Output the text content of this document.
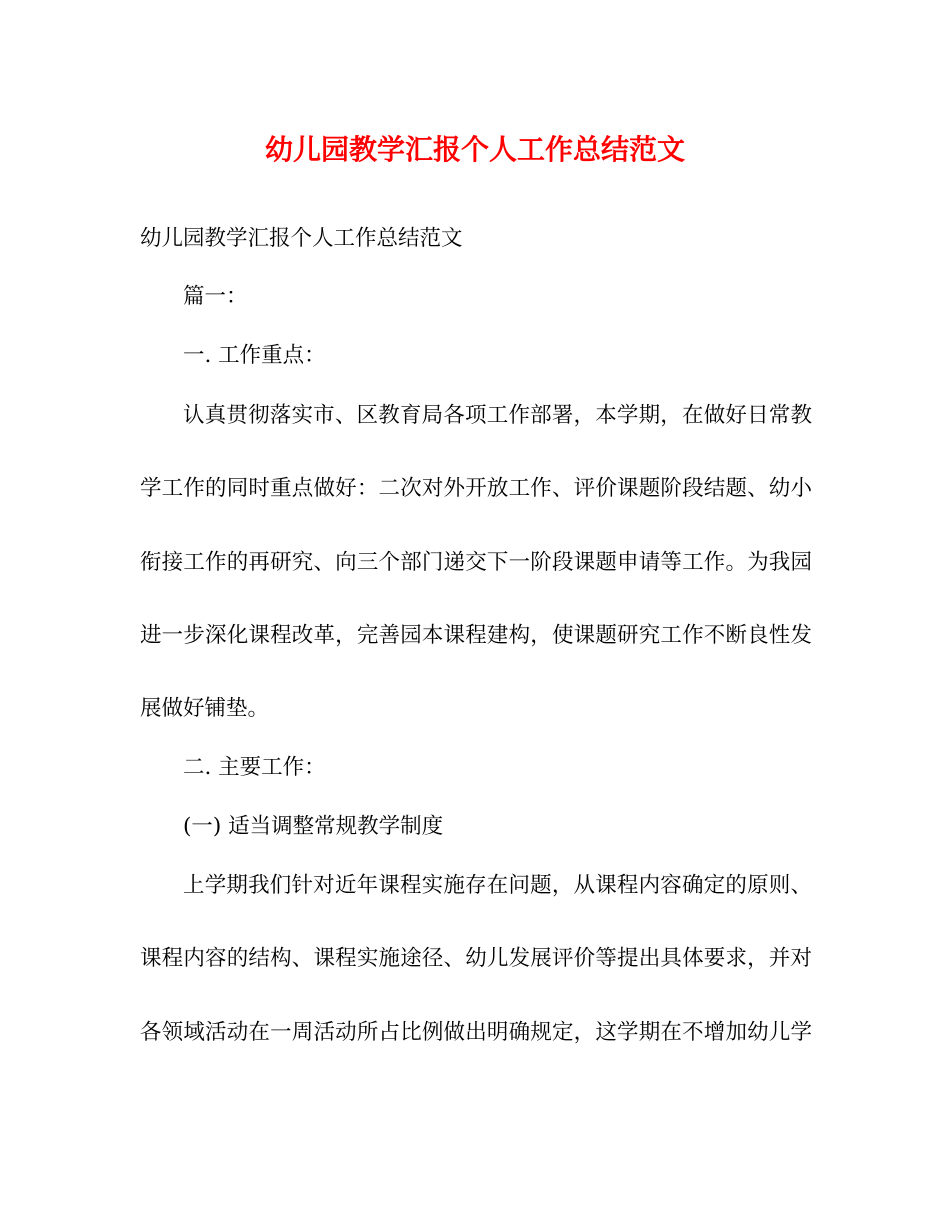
幼儿园教学汇报个人工作总结范文

幼儿园教学汇报个人工作总结范文

篇一：

一. 工作重点：

认真贯彻落实市、区教育局各项工作部署，本学期，在做好日常教

学工作的同时重点做好：二次对外开放工作、评价课题阶段结题、幼小

衔接工作的再研究、向三个部门递交下一阶段课题申请等工作。为我园

进一步深化课程改革，完善园本课程建构，使课题研究工作不断良性发

展做好铺垫。

二. 主要工作：

(一) 适当调整常规教学制度

上学期我们针对近年课程实施存在问题，从课程内容确定的原则、

课程内容的结构、课程实施途径、幼儿发展评价等提出具体要求，并对

各领域活动在一周活动所占比例做出明确规定，这学期在不增加幼儿学
